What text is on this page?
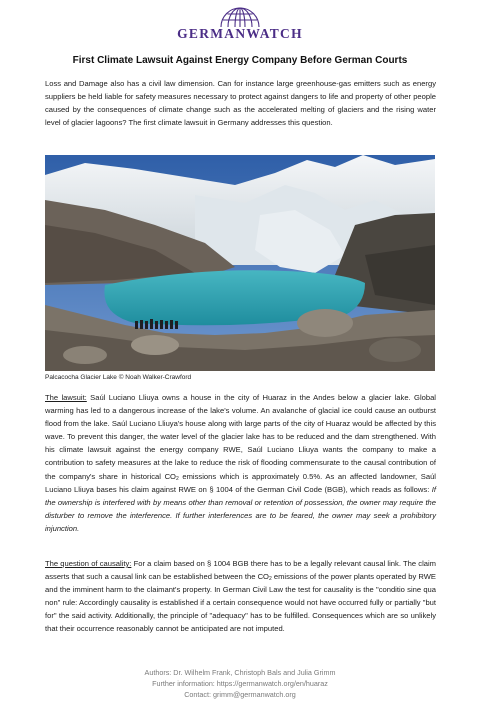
GERMANWATCH
First Climate Lawsuit Against Energy Company Before German Courts

Loss and Damage also has a civil law dimension. Can for instance large greenhouse-gas emitters such as energy suppliers be held liable for safety measures necessary to protect against dangers to life and property of other people caused by the consequences of climate change such as the accelerated melting of glaciers and the rising water level of glacier lagoons? The first climate lawsuit in Germany addresses this question.

Palcacocha Glacier Lake © Noah Walker-Crawford

The lawsuit: Saúl Luciano Lliuya owns a house in the city of Huaraz in the Andes below a glacier lake. Global warming has led to a dangerous increase of the lake's volume. An avalanche of glacial ice could cause an outburst flood from the lake. Saúl Luciano Lliuya's house along with large parts of the city of Huaraz would be affected by this wave. To prevent this danger, the water level of the glacier lake has to be reduced and the dam strengthened. With his climate lawsuit against the energy company RWE, Saúl Luciano Lliuya wants the company to make a contribution to safety measures at the lake to reduce the risk of flooding commensurate to the causal contribution of the company's share in historical $CO_2$ emissions which is approximately 0.5%. As an affected landowner, Saúl Luciano Lliuya bases his claim against RWE on § 1004 of the German Civil Code (BGB), which reads as follows: If the ownership is interfered with by means other than removal or retention of possession, the owner may require the disturber to remove the interference. If further interferences are to be feared, the owner may seek a prohibitory injunction.

The question of causality: For a claim based on § 1004 BGB there has to be a legally relevant causal link. The claim asserts that such a causal link can be established between the $CO_2$ emissions of the power plants operated by RWE and the imminent harm to the claimant's property. In German Civil Law the test for causality is the "conditio sine qua non" rule: Accordingly causality is established if a certain consequence would not have occurred fully or partially "but for" the said activity. Additionally, the principle of "adequacy" has to be fulfilled. Consequences which are so unlikely that their occurrence reasonably cannot be anticipated are not imputed.

Authors: Dr. Wilhelm Frank, Christoph Bals and Julia Grimm
Further information: https://germanwatch.org/en/huaraz
Contact: grimm@germanwatch.org
